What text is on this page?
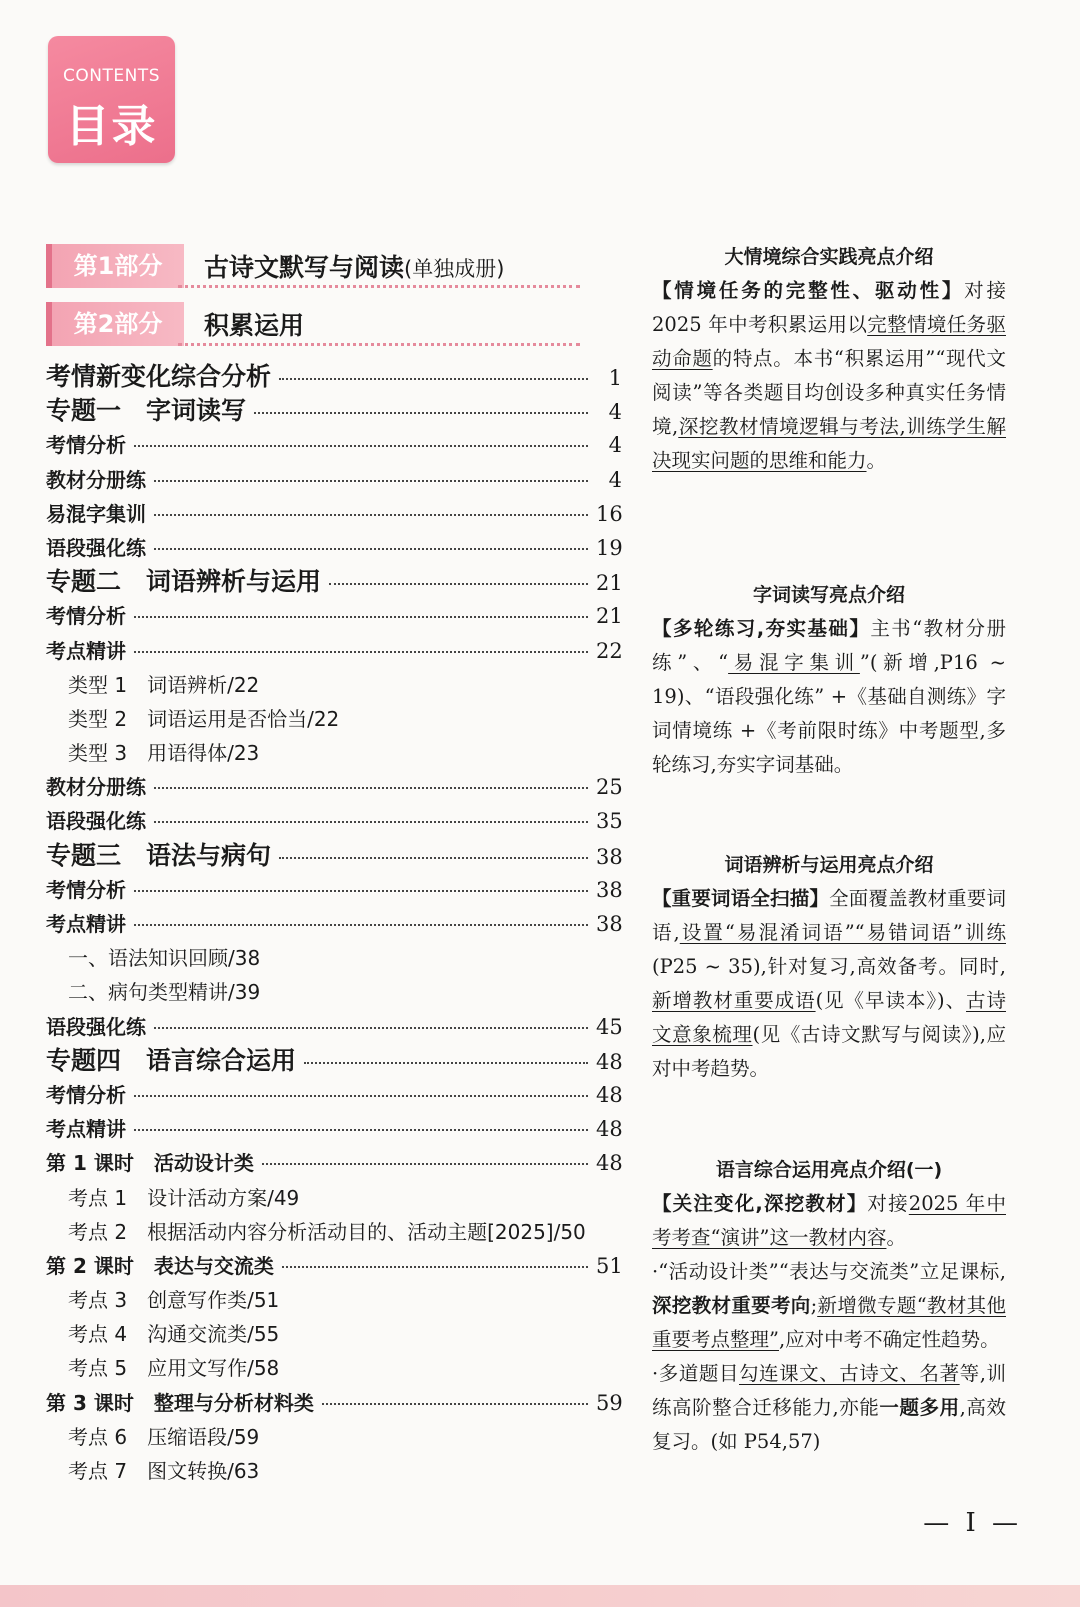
CONTENTS
目录
第1部分	古诗文默写与阅读(单独成册)
第2部分	积累运用
考情新变化综合分析	1
专题一　字词读写	4
考情分析	4
教材分册练	4
易混字集训	16
语段强化练	19
专题二　词语辨析与运用	21
考情分析	21
考点精讲	22
类型 1 词语辨析/22
类型 2 词语运用是否恰当/22
类型 3 用语得体/23
教材分册练	25
语段强化练	35
专题三　语法与病句	38
考情分析	38
考点精讲	38
一、语法知识回顾/38
二、病句类型精讲/39
语段强化练	45
专题四　语言综合运用	48
考情分析	48
考点精讲	48
第 1 课时　活动设计类	48
考点 1 设计活动方案/49
考点 2 根据活动内容分析活动目的、活动主题[2025]/50
第 2 课时　表达与交流类	51
考点 3 创意写作类/51
考点 4 沟通交流类/55
考点 5 应用文写作/58
第 3 课时　整理与分析材料类	59
考点 6 压缩语段/59
考点 7 图文转换/63
大情境综合实践亮点介绍

【情境任务的完整性、驱动性】对接2025 年中考积累运用以完整情境任务驱动命题的特点。本书“积累运用”“现代文阅读”等各类题目均创设多种真实任务情境,深挖教材情境逻辑与考法,训练学生解决现实问题的思维和能力。

字词读写亮点介绍

【多轮练习,夯实基础】主书“教材分册练”、“易混字集训”(新增,P16 ~ 19)、“语段强化练” +《基础自测练》字词情境练 +《考前限时练》中考题型,多轮练习,夯实字词基础。

词语辨析与运用亮点介绍

【重要词语全扫描】全面覆盖教材重要词语,设置“易混淆词语”“易错词语”训练(P25 ~ 35),针对复习,高效备考。同时,新增教材重要成语(见《早读本》)、古诗文意象梳理(见《古诗文默写与阅读》),应对中考趋势。

语言综合运用亮点介绍(一)

【关注变化,深挖教材】对接2025 年中考考查“演讲”这一教材内容。

·“活动设计类”“表达与交流类”立足课标,深挖教材重要考向;新增微专题“教材其他重要考点整理”,应对中考不确定性趋势。

·多道题目勾连课文、古诗文、名著等,训练高阶整合迁移能力,亦能一题多用,高效复习。(如 P54,57)

— I —
